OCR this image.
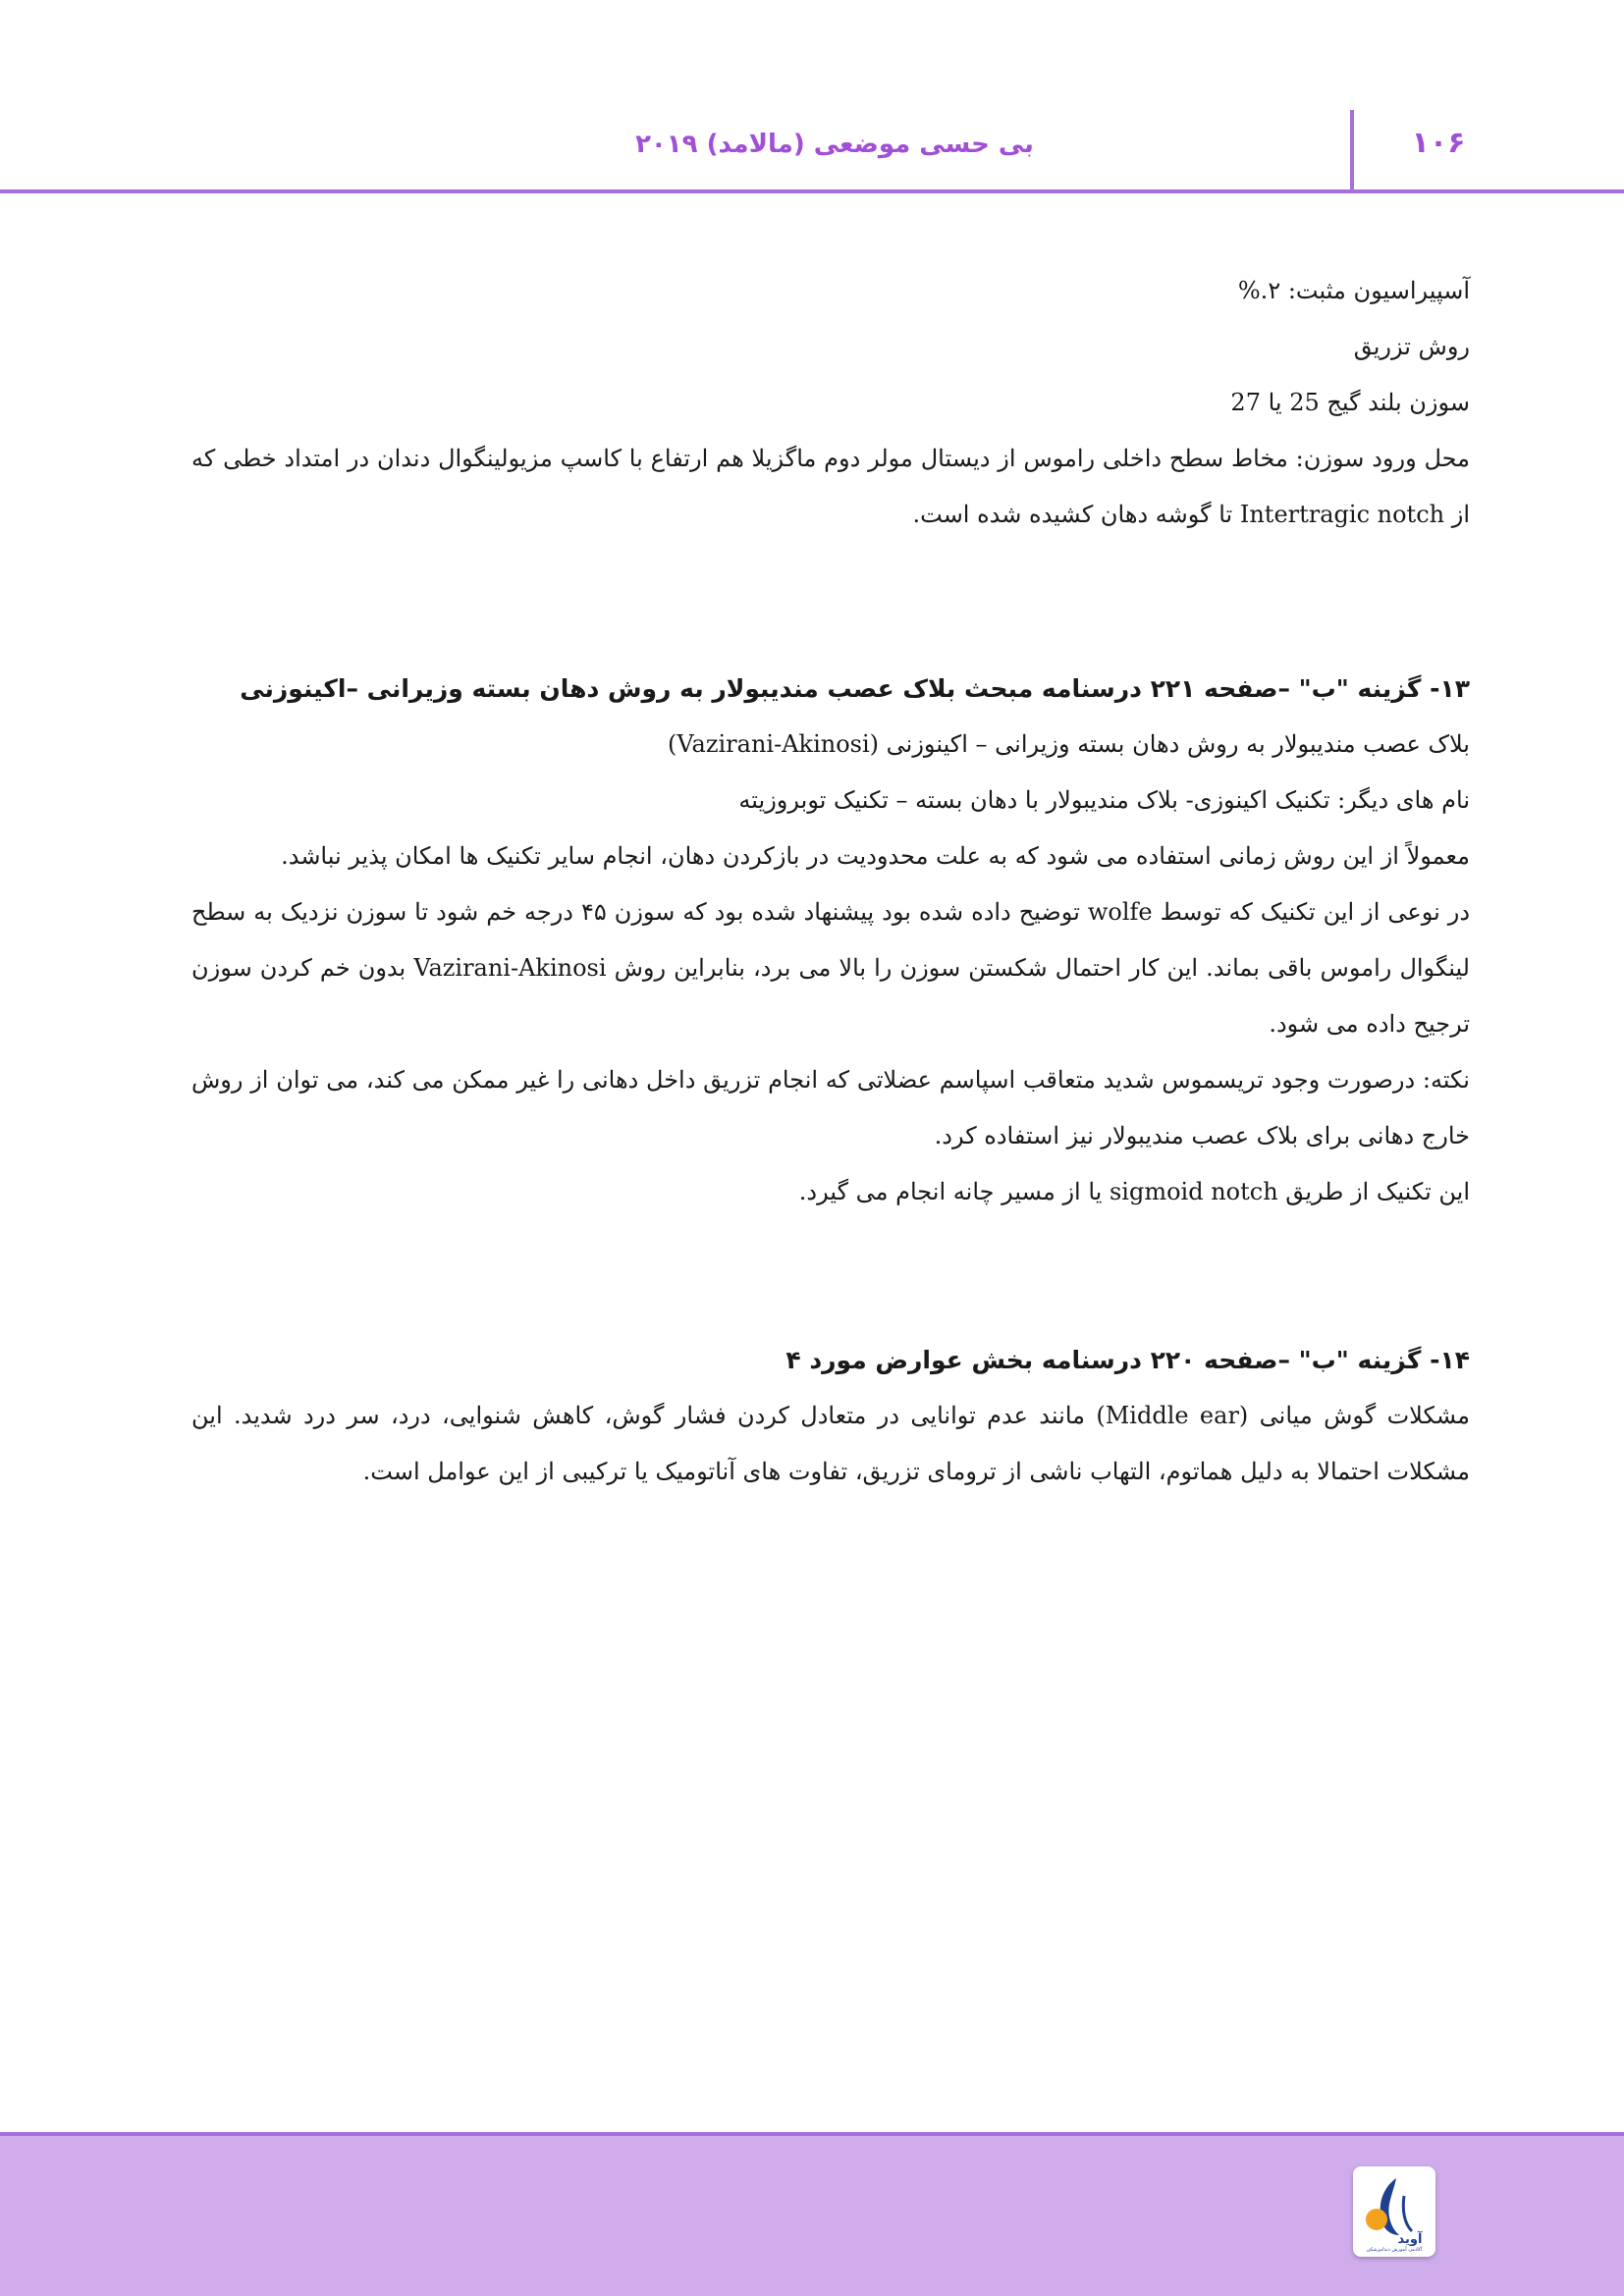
۱۰۶
بی حسی موضعی (مالامد) ۲۰۱۹

آسپیراسیون مثبت: ۲.%

روش تزریق

سوزن بلند گیج 25 یا 27

محل ورود سوزن: مخاط سطح داخلی راموس از دیستال مولر دوم ماگزیلا هم ارتفاع با کاسپ مزیولینگوال دندان در امتداد خطی که از Intertragic notch تا گوشه دهان کشیده شده است.

۱۳- گزینه "ب" –صفحه ۲۲۱ درسنامه مبحث بلاک عصب مندیبولار به روش دهان بسته وزیرانی –اکینوزنی

بلاک عصب مندیبولار به روش دهان بسته وزیرانی – اکینوزنی (Vazirani-Akinosi)

نام های دیگر: تکنیک اکینوزی- بلاک مندیبولار با دهان بسته – تکنیک توبروزیته

معمولاً از این روش زمانی استفاده می شود که به علت محدودیت در بازکردن دهان، انجام سایر تکنیک ها امکان پذیر نباشد.

در نوعی از این تکنیک که توسط wolfe توضیح داده شده بود پیشنهاد شده بود که سوزن ۴۵ درجه خم شود تا سوزن نزدیک به سطح لینگوال راموس باقی بماند. این کار احتمال شکستن سوزن را بالا می برد، بنابراین روش Vazirani-Akinosi بدون خم کردن سوزن ترجیح داده می شود.

نکته: درصورت وجود تریسموس شدید متعاقب اسپاسم عضلاتی که انجام تزریق داخل دهانی را غیر ممکن می کند، می توان از روش خارج دهانی برای بلاک عصب مندیبولار نیز استفاده کرد.

این تکنیک از طریق sigmoid notch یا از مسیر چانه انجام می گیرد.

۱۴- گزینه "ب" –صفحه ۲۲۰ درسنامه بخش عوارض مورد ۴

مشکلات گوش میانی (Middle ear) مانند عدم توانایی در متعادل کردن فشار گوش، کاهش شنوایی، درد، سر درد شدید. این مشکلات احتمالا به دلیل هماتوم، التهاب ناشی از ترومای تزریق، تفاوت های آناتومیک یا ترکیبی از این عوامل است.

آوید
آکادمی آموزش دندانپزشکی
